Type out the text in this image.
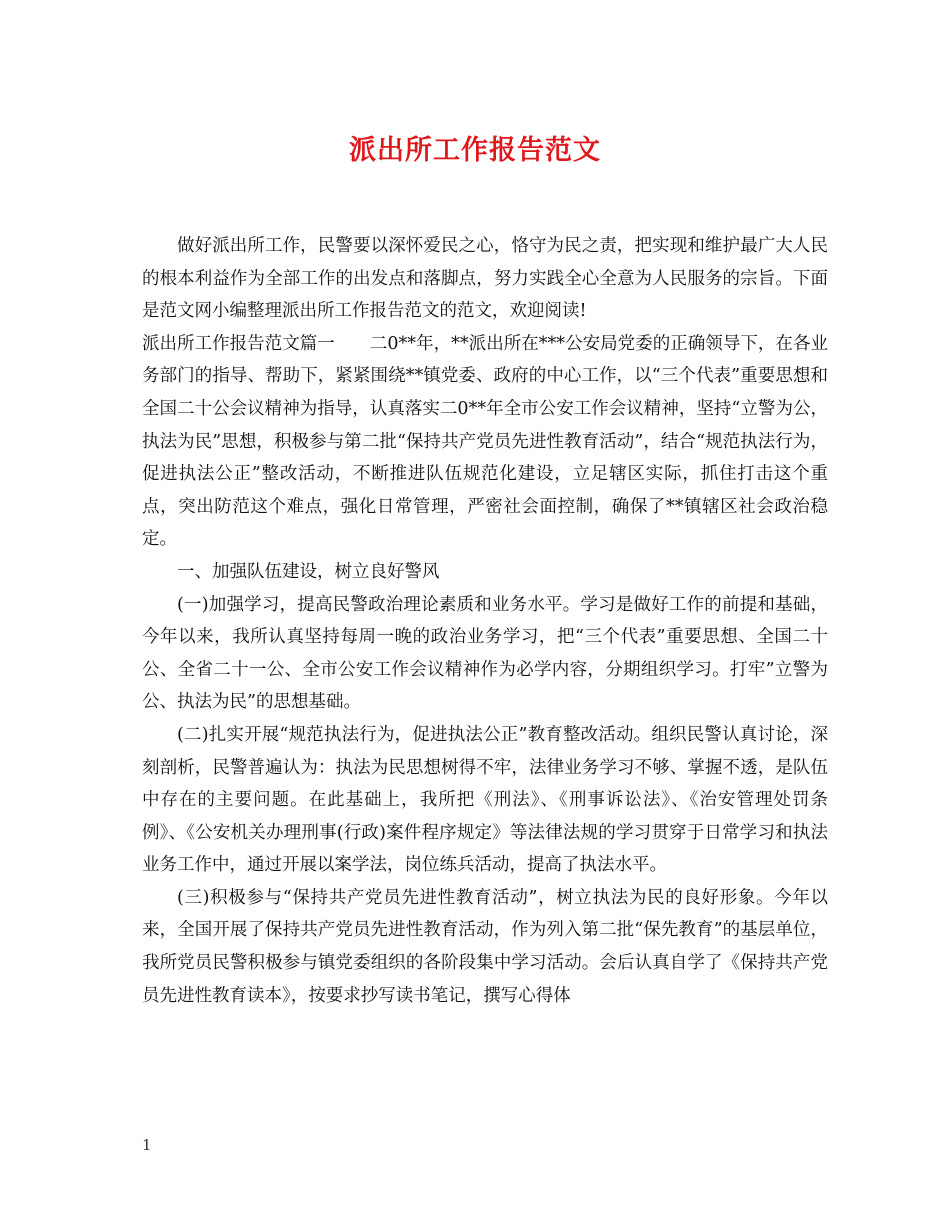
派出所工作报告范文

做好派出所工作，民警要以深怀爱民之心，恪守为民之责，把实现和维护最广大人民的根本利益作为全部工作的出发点和落脚点，努力实践全心全意为人民服务的宗旨。下面是范文网小编整理派出所工作报告范文的范文，欢迎阅读!

派出所工作报告范文篇一　　二0**年，**派出所在***公安局党委的正确领导下，在各业务部门的指导、帮助下，紧紧围绕**镇党委、政府的中心工作，以“三个代表”重要思想和全国二十公会议精神为指导，认真落实二0**年全市公安工作会议精神，坚持“立警为公，执法为民”思想，积极参与第二批“保持共产党员先进性教育活动”，结合“规范执法行为，促进执法公正”整改活动，不断推进队伍规范化建设，立足辖区实际，抓住打击这个重点，突出防范这个难点，强化日常管理，严密社会面控制，确保了**镇辖区社会政治稳定。

一、加强队伍建设，树立良好警风

(一)加强学习，提高民警政治理论素质和业务水平。学习是做好工作的前提和基础，今年以来，我所认真坚持每周一晚的政治业务学习，把“三个代表”重要思想、全国二十公、全省二十一公、全市公安工作会议精神作为必学内容，分期组织学习。打牢”立警为公、执法为民”的思想基础。

(二)扎实开展“规范执法行为，促进执法公正”教育整改活动。组织民警认真讨论，深刻剖析，民警普遍认为：执法为民思想树得不牢，法律业务学习不够、掌握不透，是队伍中存在的主要问题。在此基础上，我所把《刑法》、《刑事诉讼法》、《治安管理处罚条例》、《公安机关办理刑事(行政)案件程序规定》等法律法规的学习贯穿于日常学习和执法业务工作中，通过开展以案学法，岗位练兵活动，提高了执法水平。

(三)积极参与“保持共产党员先进性教育活动”，树立执法为民的良好形象。今年以来，全国开展了保持共产党员先进性教育活动，作为列入第二批“保先教育”的基层单位，我所党员民警积极参与镇党委组织的各阶段集中学习活动。会后认真自学了《保持共产党员先进性教育读本》，按要求抄写读书笔记，撰写心得体

1
